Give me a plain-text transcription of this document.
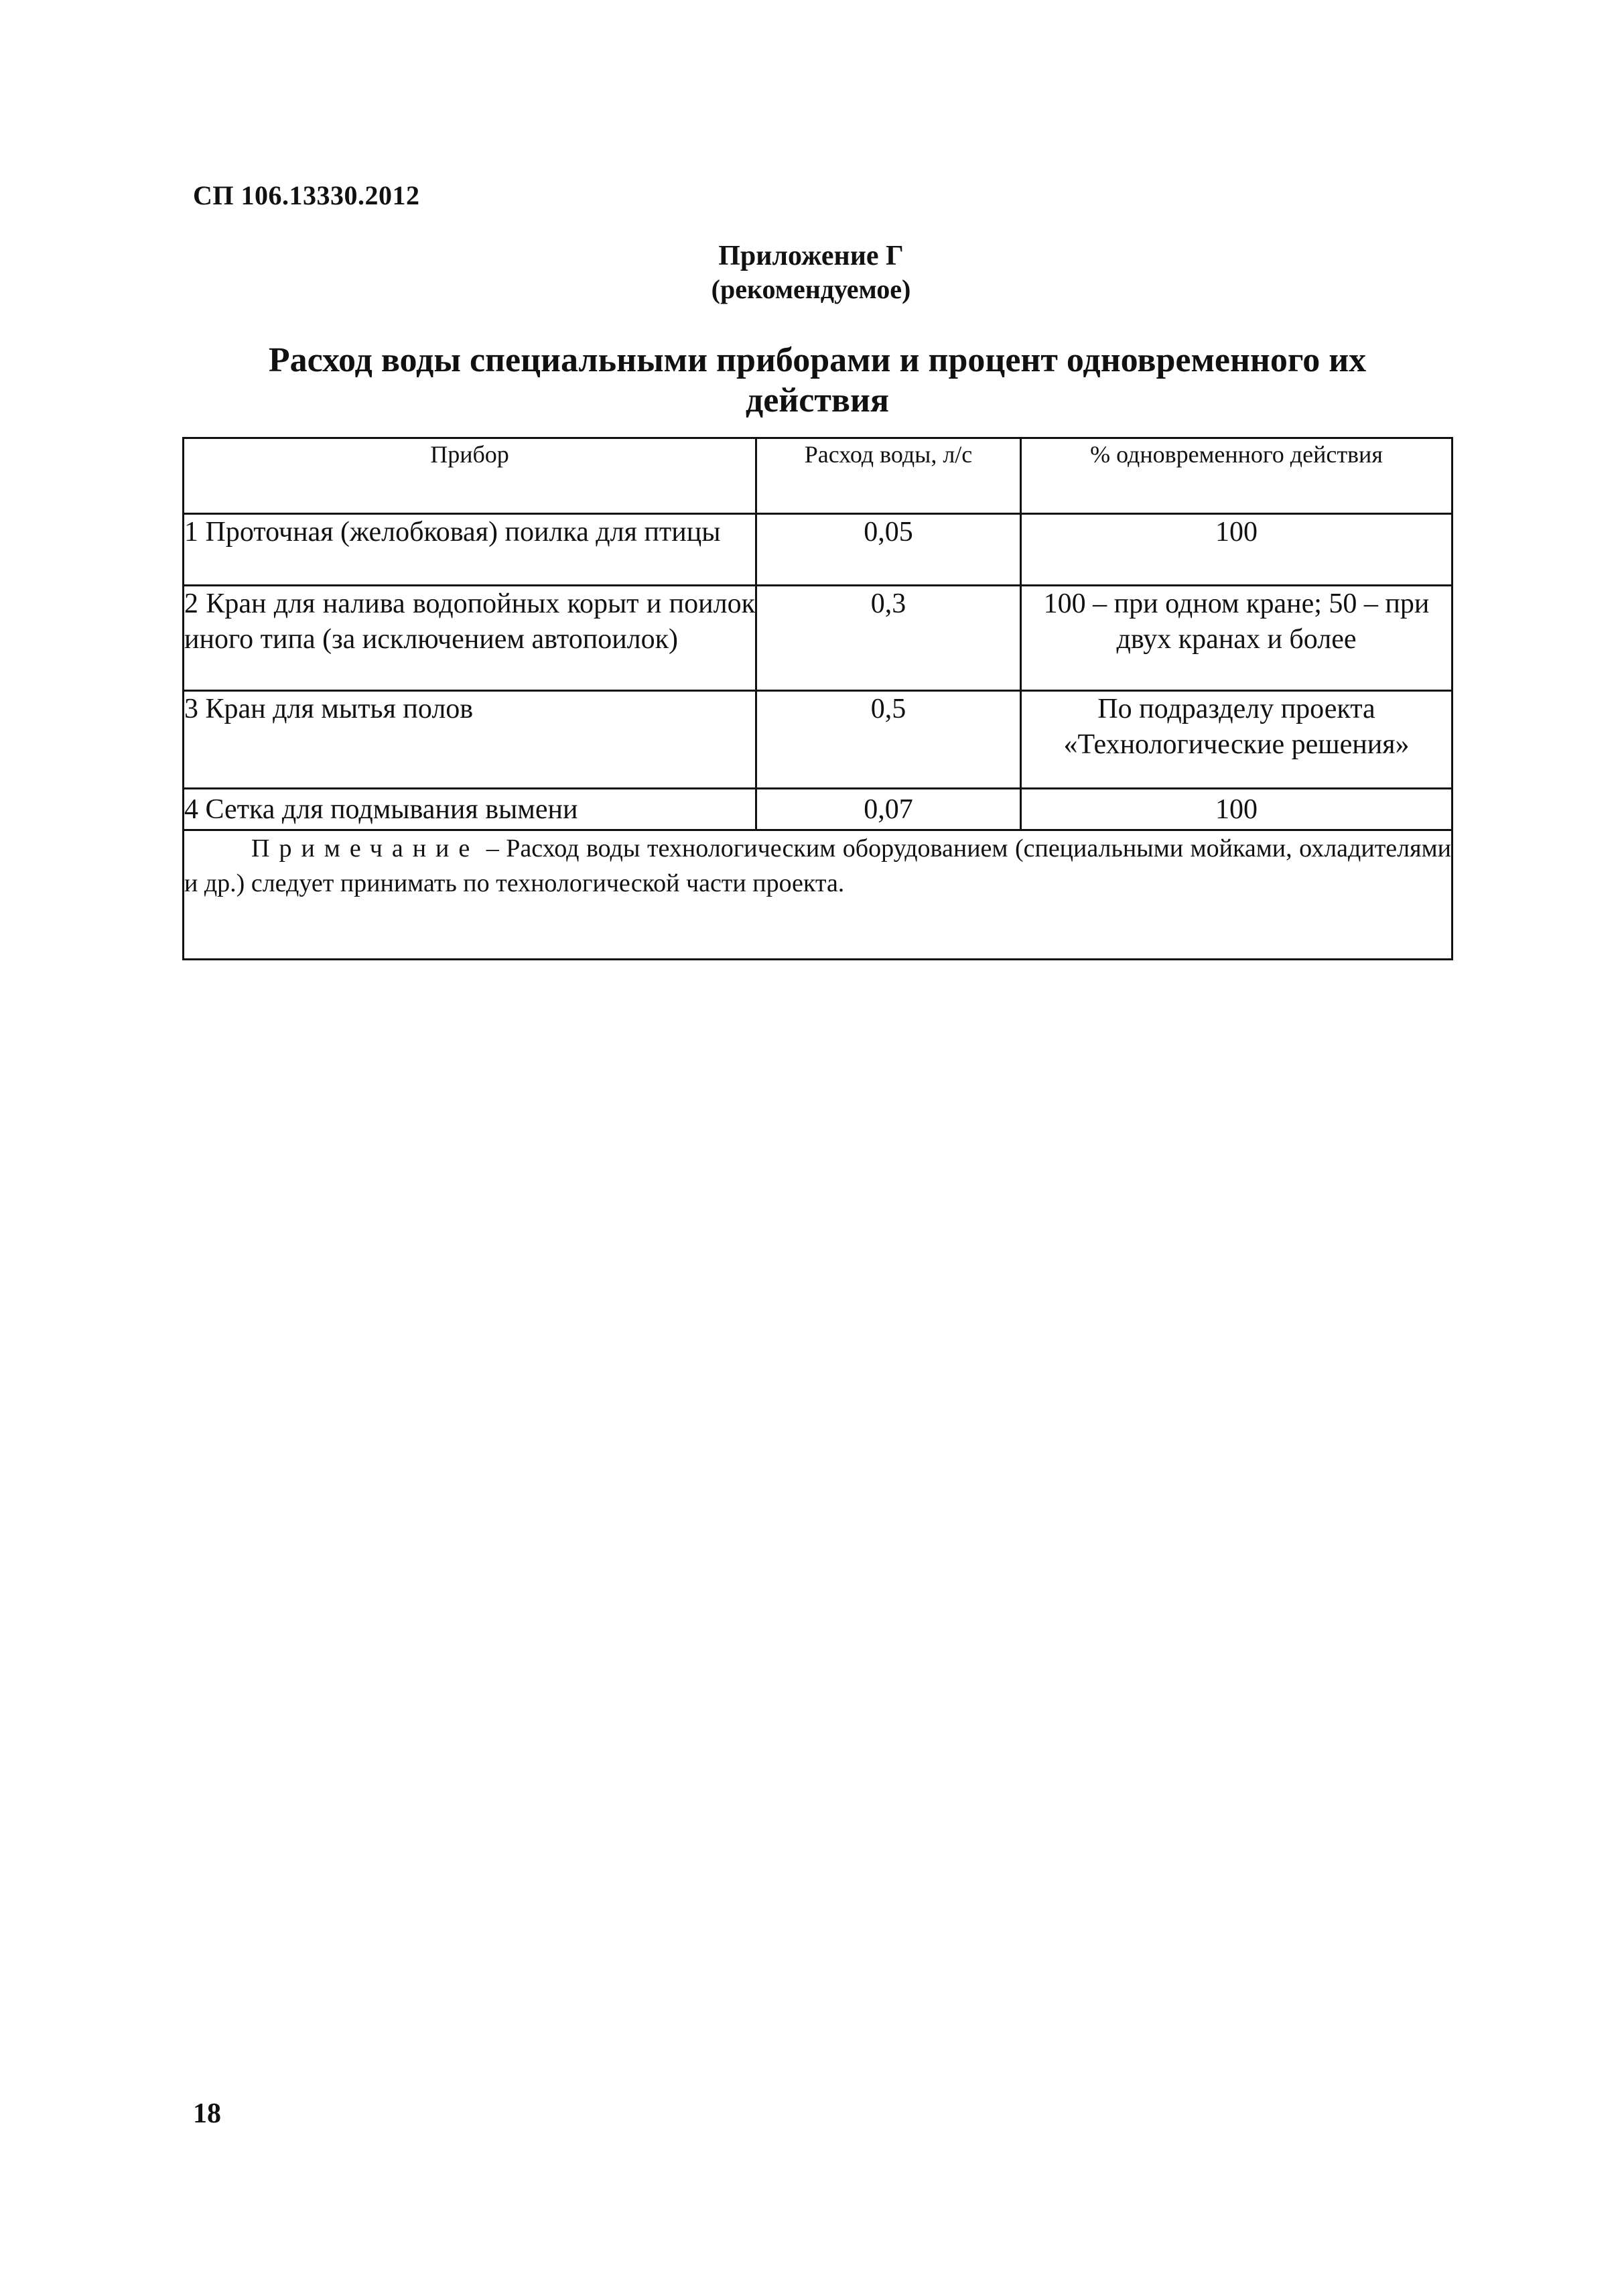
СП 106.13330.2012
Приложение Г
(рекомендуемое)
Расход воды специальными приборами и процент одновременного их действия
Прибор	Расход воды, л/с	% одновременного действия
1 Проточная (желобковая) поилка для птицы	0,05	100
2 Кран для налива водопойных корыт и поилок иного типа (за исключением автопоилок)	0,3	100 – при одном кране; 50 – при двух кранах и более
3 Кран для мытья полов	0,5	По подразделу проекта «Технологические решения»
4 Сетка для подмывания вымени	0,07	100
Примечание – Расход воды технологическим оборудованием (специальными мойками, охладителями и др.) следует принимать по технологической части проекта.		
18
